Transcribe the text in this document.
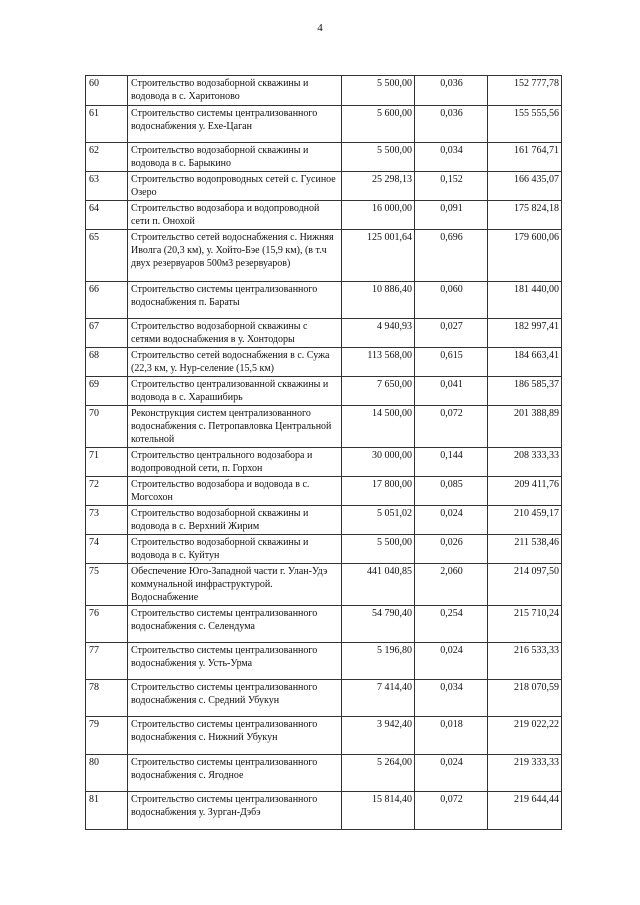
4
60	Строительство водозаборной скважины и водовода в с. Харитоново	5 500,00	0,036	152 777,78
61	Строительство системы централизованного водоснабжения у. Ехе-Цаган	5 600,00	0,036	155 555,56
62	Строительство водозаборной скважины и водовода в с. Барыкино	5 500,00	0,034	161 764,71
63	Строительство водопроводных сетей с. Гусиное Озеро	25 298,13	0,152	166 435,07
64	Строительство водозабора и водопроводной сети п. Онохой	16 000,00	0,091	175 824,18
65	Строительство сетей водоснабжения с. Нижняя Иволга (20,3 км), у. Хойто-Бэе (15,9 км), (в т.ч двух резервуаров 500м3 резервуаров)	125 001,64	0,696	179 600,06
66	Строительство системы централизованного водоснабжения п. Бараты	10 886,40	0,060	181 440,00
67	Строительство водозаборной скважины с сетями водоснабжения в у. Хонтодоры	4 940,93	0,027	182 997,41
68	Строительство сетей водоснабжения в с. Сужа (22,3 км, у. Нур-селение (15,5 км)	113 568,00	0,615	184 663,41
69	Строительство централизованной скважины и водовода в с. Харашибирь	7 650,00	0,041	186 585,37
70	Реконструкция систем централизованного водоснабжения с. Петропавловка Центральной котельной	14 500,00	0,072	201 388,89
71	Строительство центрального водозабора и водопроводной сети, п. Горхон	30 000,00	0,144	208 333,33
72	Строительство водозабора и водовода в с. Могсохон	17 800,00	0,085	209 411,76
73	Строительство водозаборной скважины и водовода в с. Верхний Жирим	5 051,02	0,024	210 459,17
74	Строительство водозаборной скважины и водовода в с. Куйтун	5 500,00	0,026	211 538,46
75	Обеспечение Юго-Западной части г. Улан-Удэ коммунальной инфраструктурой. Водоснабжение	441 040,85	2,060	214 097,50
76	Строительство системы централизованного водоснабжения с. Селендума	54 790,40	0,254	215 710,24
77	Строительство системы централизованного водоснабжения у. Усть-Урма	5 196,80	0,024	216 533,33
78	Строительство системы централизованного водоснабжения с. Средний Убукун	7 414,40	0,034	218 070,59
79	Строительство системы централизованного водоснабжения с. Нижний Убукун	3 942,40	0,018	219 022,22
80	Строительство системы централизованного водоснабжения с. Ягодное	5 264,00	0,024	219 333,33
81	Строительство системы централизованного водоснабжения у. Зурган-Дэбэ	15 814,40	0,072	219 644,44
